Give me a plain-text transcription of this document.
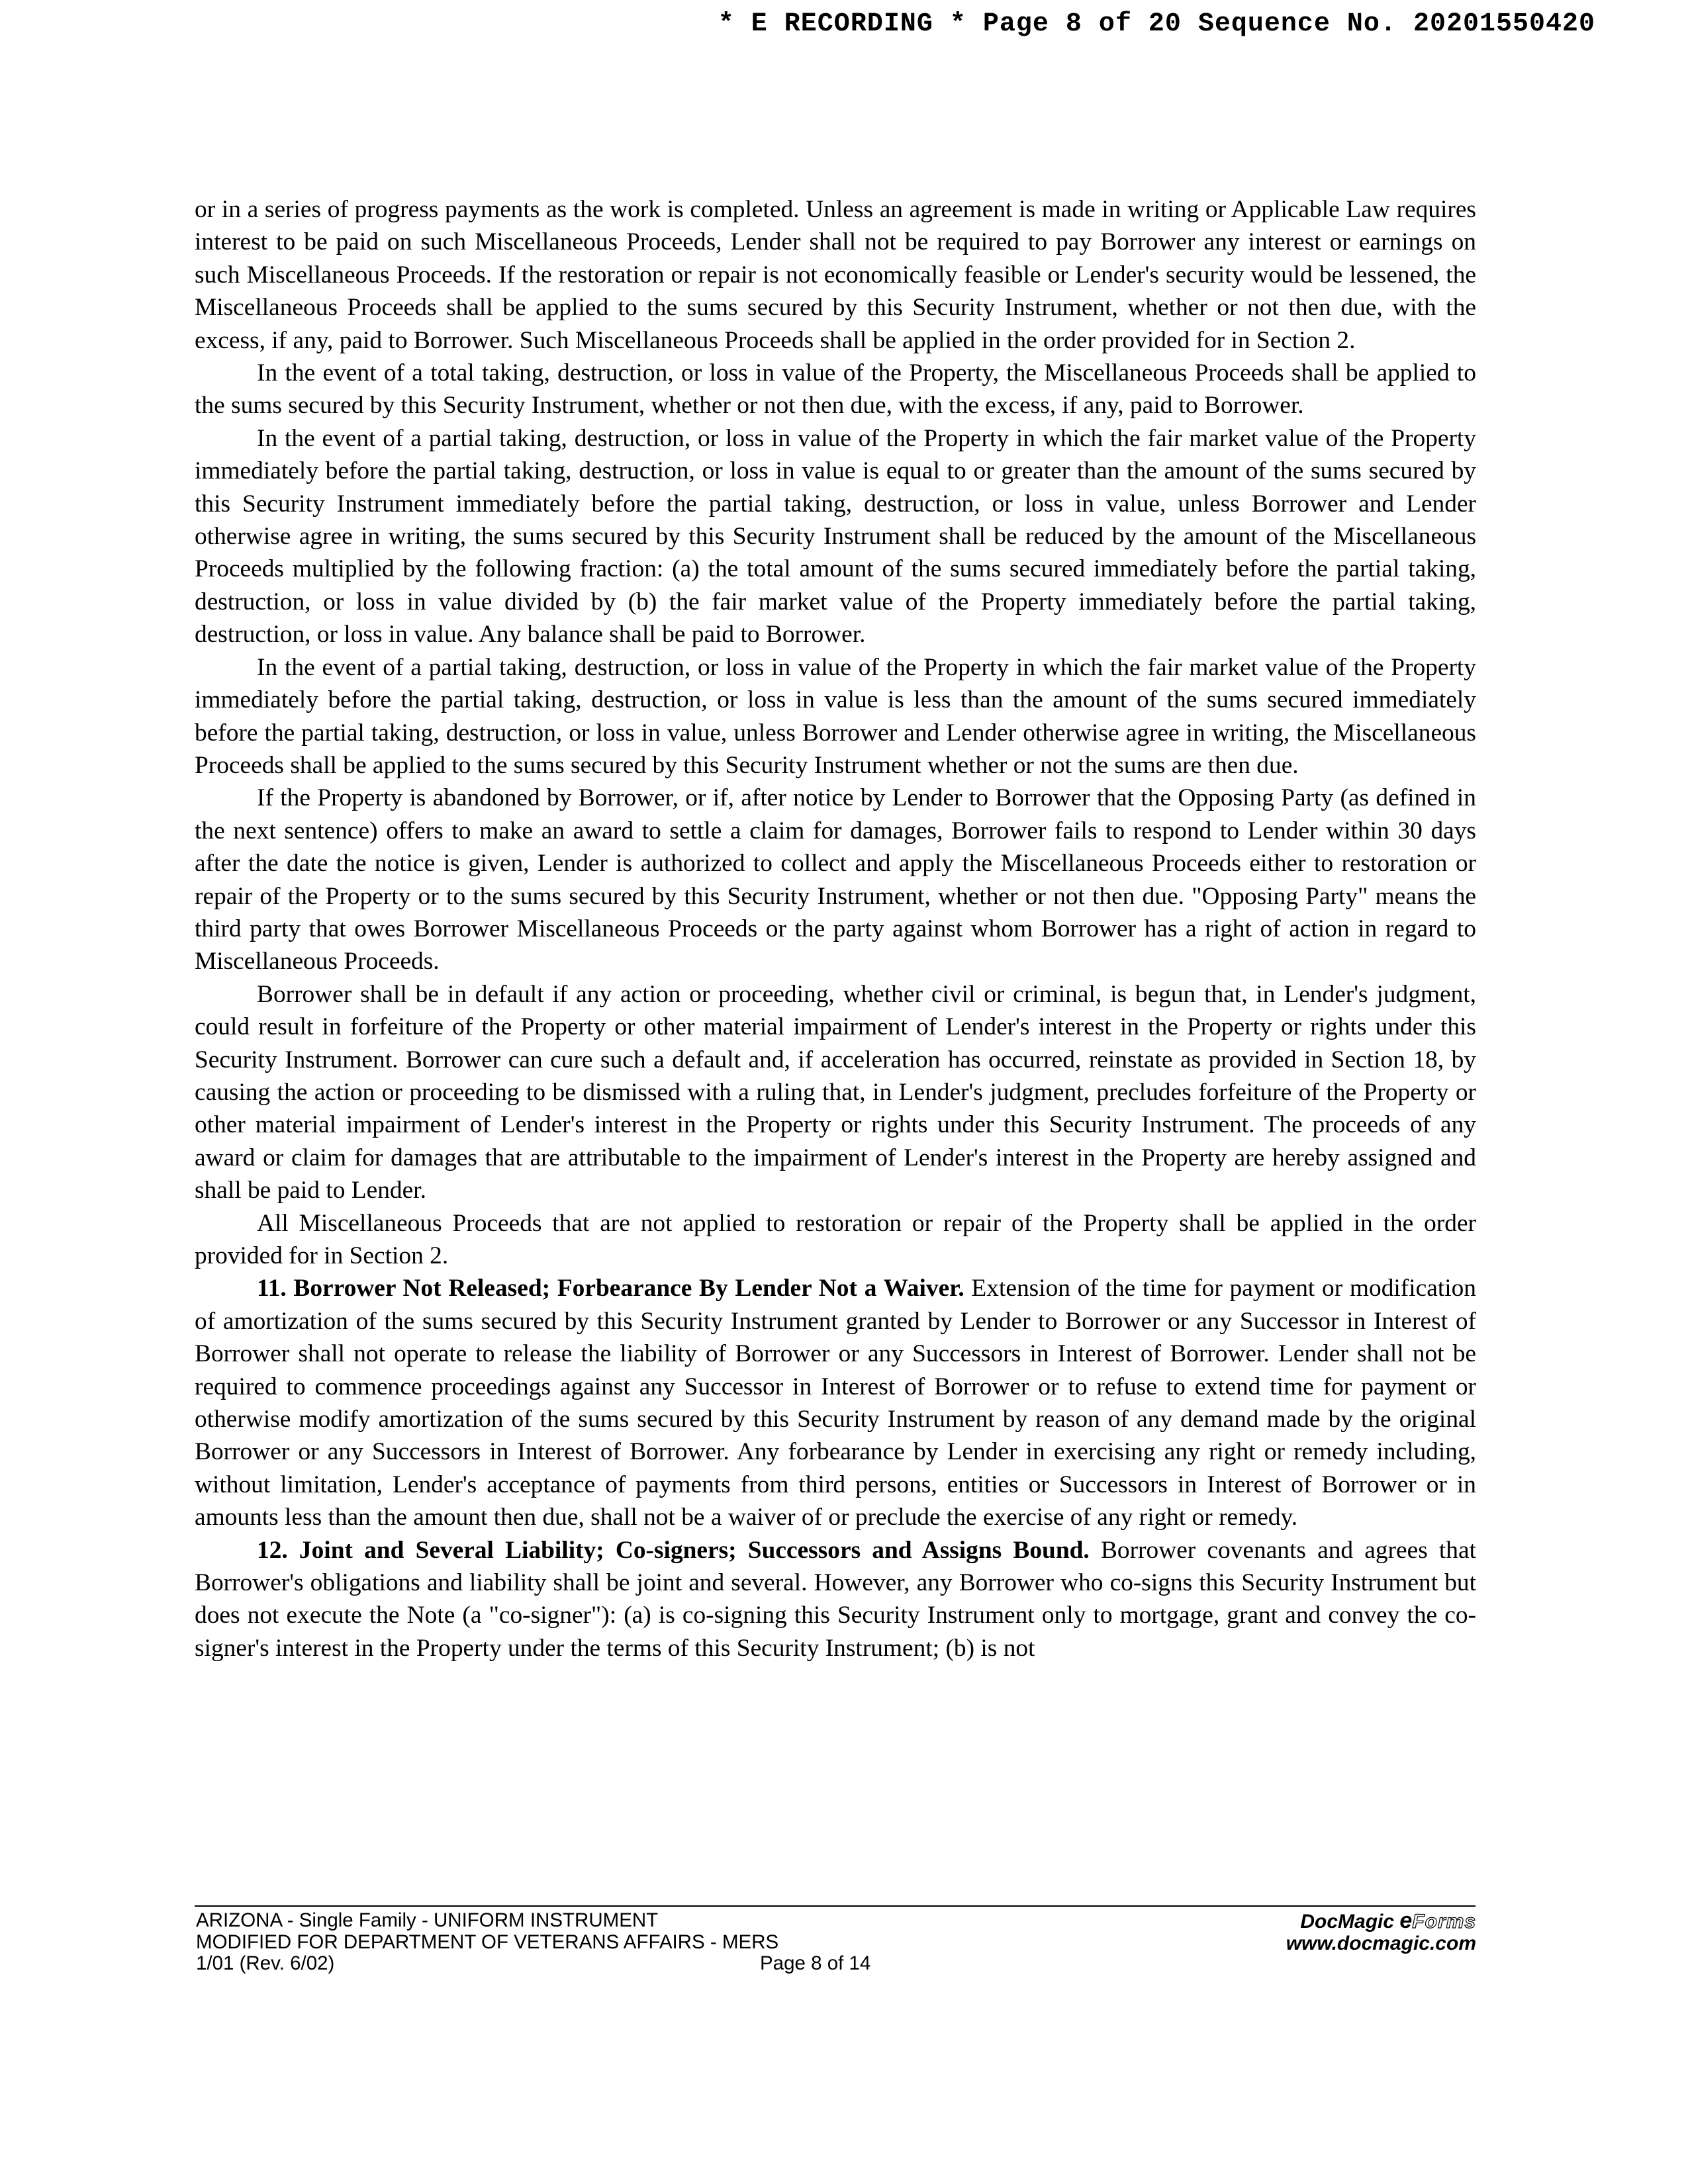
* E RECORDING * Page 8 of 20 Sequence No. 20201550420

or in a series of progress payments as the work is completed. Unless an agreement is made in writing or Applicable Law requires interest to be paid on such Miscellaneous Proceeds, Lender shall not be required to pay Borrower any interest or earnings on such Miscellaneous Proceeds. If the restoration or repair is not economically feasible or Lender's security would be lessened, the Miscellaneous Proceeds shall be applied to the sums secured by this Security Instrument, whether or not then due, with the excess, if any, paid to Borrower. Such Miscellaneous Proceeds shall be applied in the order provided for in Section 2.

In the event of a total taking, destruction, or loss in value of the Property, the Miscellaneous Proceeds shall be applied to the sums secured by this Security Instrument, whether or not then due, with the excess, if any, paid to Borrower.

In the event of a partial taking, destruction, or loss in value of the Property in which the fair market value of the Property immediately before the partial taking, destruction, or loss in value is equal to or greater than the amount of the sums secured by this Security Instrument immediately before the partial taking, destruction, or loss in value, unless Borrower and Lender otherwise agree in writing, the sums secured by this Security Instrument shall be reduced by the amount of the Miscellaneous Proceeds multiplied by the following fraction: (a) the total amount of the sums secured immediately before the partial taking, destruction, or loss in value divided by (b) the fair market value of the Property immediately before the partial taking, destruction, or loss in value. Any balance shall be paid to Borrower.

In the event of a partial taking, destruction, or loss in value of the Property in which the fair market value of the Property immediately before the partial taking, destruction, or loss in value is less than the amount of the sums secured immediately before the partial taking, destruction, or loss in value, unless Borrower and Lender otherwise agree in writing, the Miscellaneous Proceeds shall be applied to the sums secured by this Security Instrument whether or not the sums are then due.

If the Property is abandoned by Borrower, or if, after notice by Lender to Borrower that the Opposing Party (as defined in the next sentence) offers to make an award to settle a claim for damages, Borrower fails to respond to Lender within 30 days after the date the notice is given, Lender is authorized to collect and apply the Miscellaneous Proceeds either to restoration or repair of the Property or to the sums secured by this Security Instrument, whether or not then due. "Opposing Party" means the third party that owes Borrower Miscellaneous Proceeds or the party against whom Borrower has a right of action in regard to Miscellaneous Proceeds.

Borrower shall be in default if any action or proceeding, whether civil or criminal, is begun that, in Lender's judgment, could result in forfeiture of the Property or other material impairment of Lender's interest in the Property or rights under this Security Instrument. Borrower can cure such a default and, if acceleration has occurred, reinstate as provided in Section 18, by causing the action or proceeding to be dismissed with a ruling that, in Lender's judgment, precludes forfeiture of the Property or other material impairment of Lender's interest in the Property or rights under this Security Instrument. The proceeds of any award or claim for damages that are attributable to the impairment of Lender's interest in the Property are hereby assigned and shall be paid to Lender.

All Miscellaneous Proceeds that are not applied to restoration or repair of the Property shall be applied in the order provided for in Section 2.

11. Borrower Not Released; Forbearance By Lender Not a Waiver. Extension of the time for payment or modification of amortization of the sums secured by this Security Instrument granted by Lender to Borrower or any Successor in Interest of Borrower shall not operate to release the liability of Borrower or any Successors in Interest of Borrower. Lender shall not be required to commence proceedings against any Successor in Interest of Borrower or to refuse to extend time for payment or otherwise modify amortization of the sums secured by this Security Instrument by reason of any demand made by the original Borrower or any Successors in Interest of Borrower. Any forbearance by Lender in exercising any right or remedy including, without limitation, Lender's acceptance of payments from third persons, entities or Successors in Interest of Borrower or in amounts less than the amount then due, shall not be a waiver of or preclude the exercise of any right or remedy.

12. Joint and Several Liability; Co-signers; Successors and Assigns Bound. Borrower covenants and agrees that Borrower's obligations and liability shall be joint and several. However, any Borrower who co-signs this Security Instrument but does not execute the Note (a "co-signer"): (a) is co-signing this Security Instrument only to mortgage, grant and convey the co-signer's interest in the Property under the terms of this Security Instrument; (b) is not

ARIZONA - Single Family - UNIFORM INSTRUMENT
MODIFIED FOR DEPARTMENT OF VETERANS AFFAIRS - MERS
1/01 (Rev. 6/02)	Page 8 of 14
DocMagic eForms
www.docmagic.com
